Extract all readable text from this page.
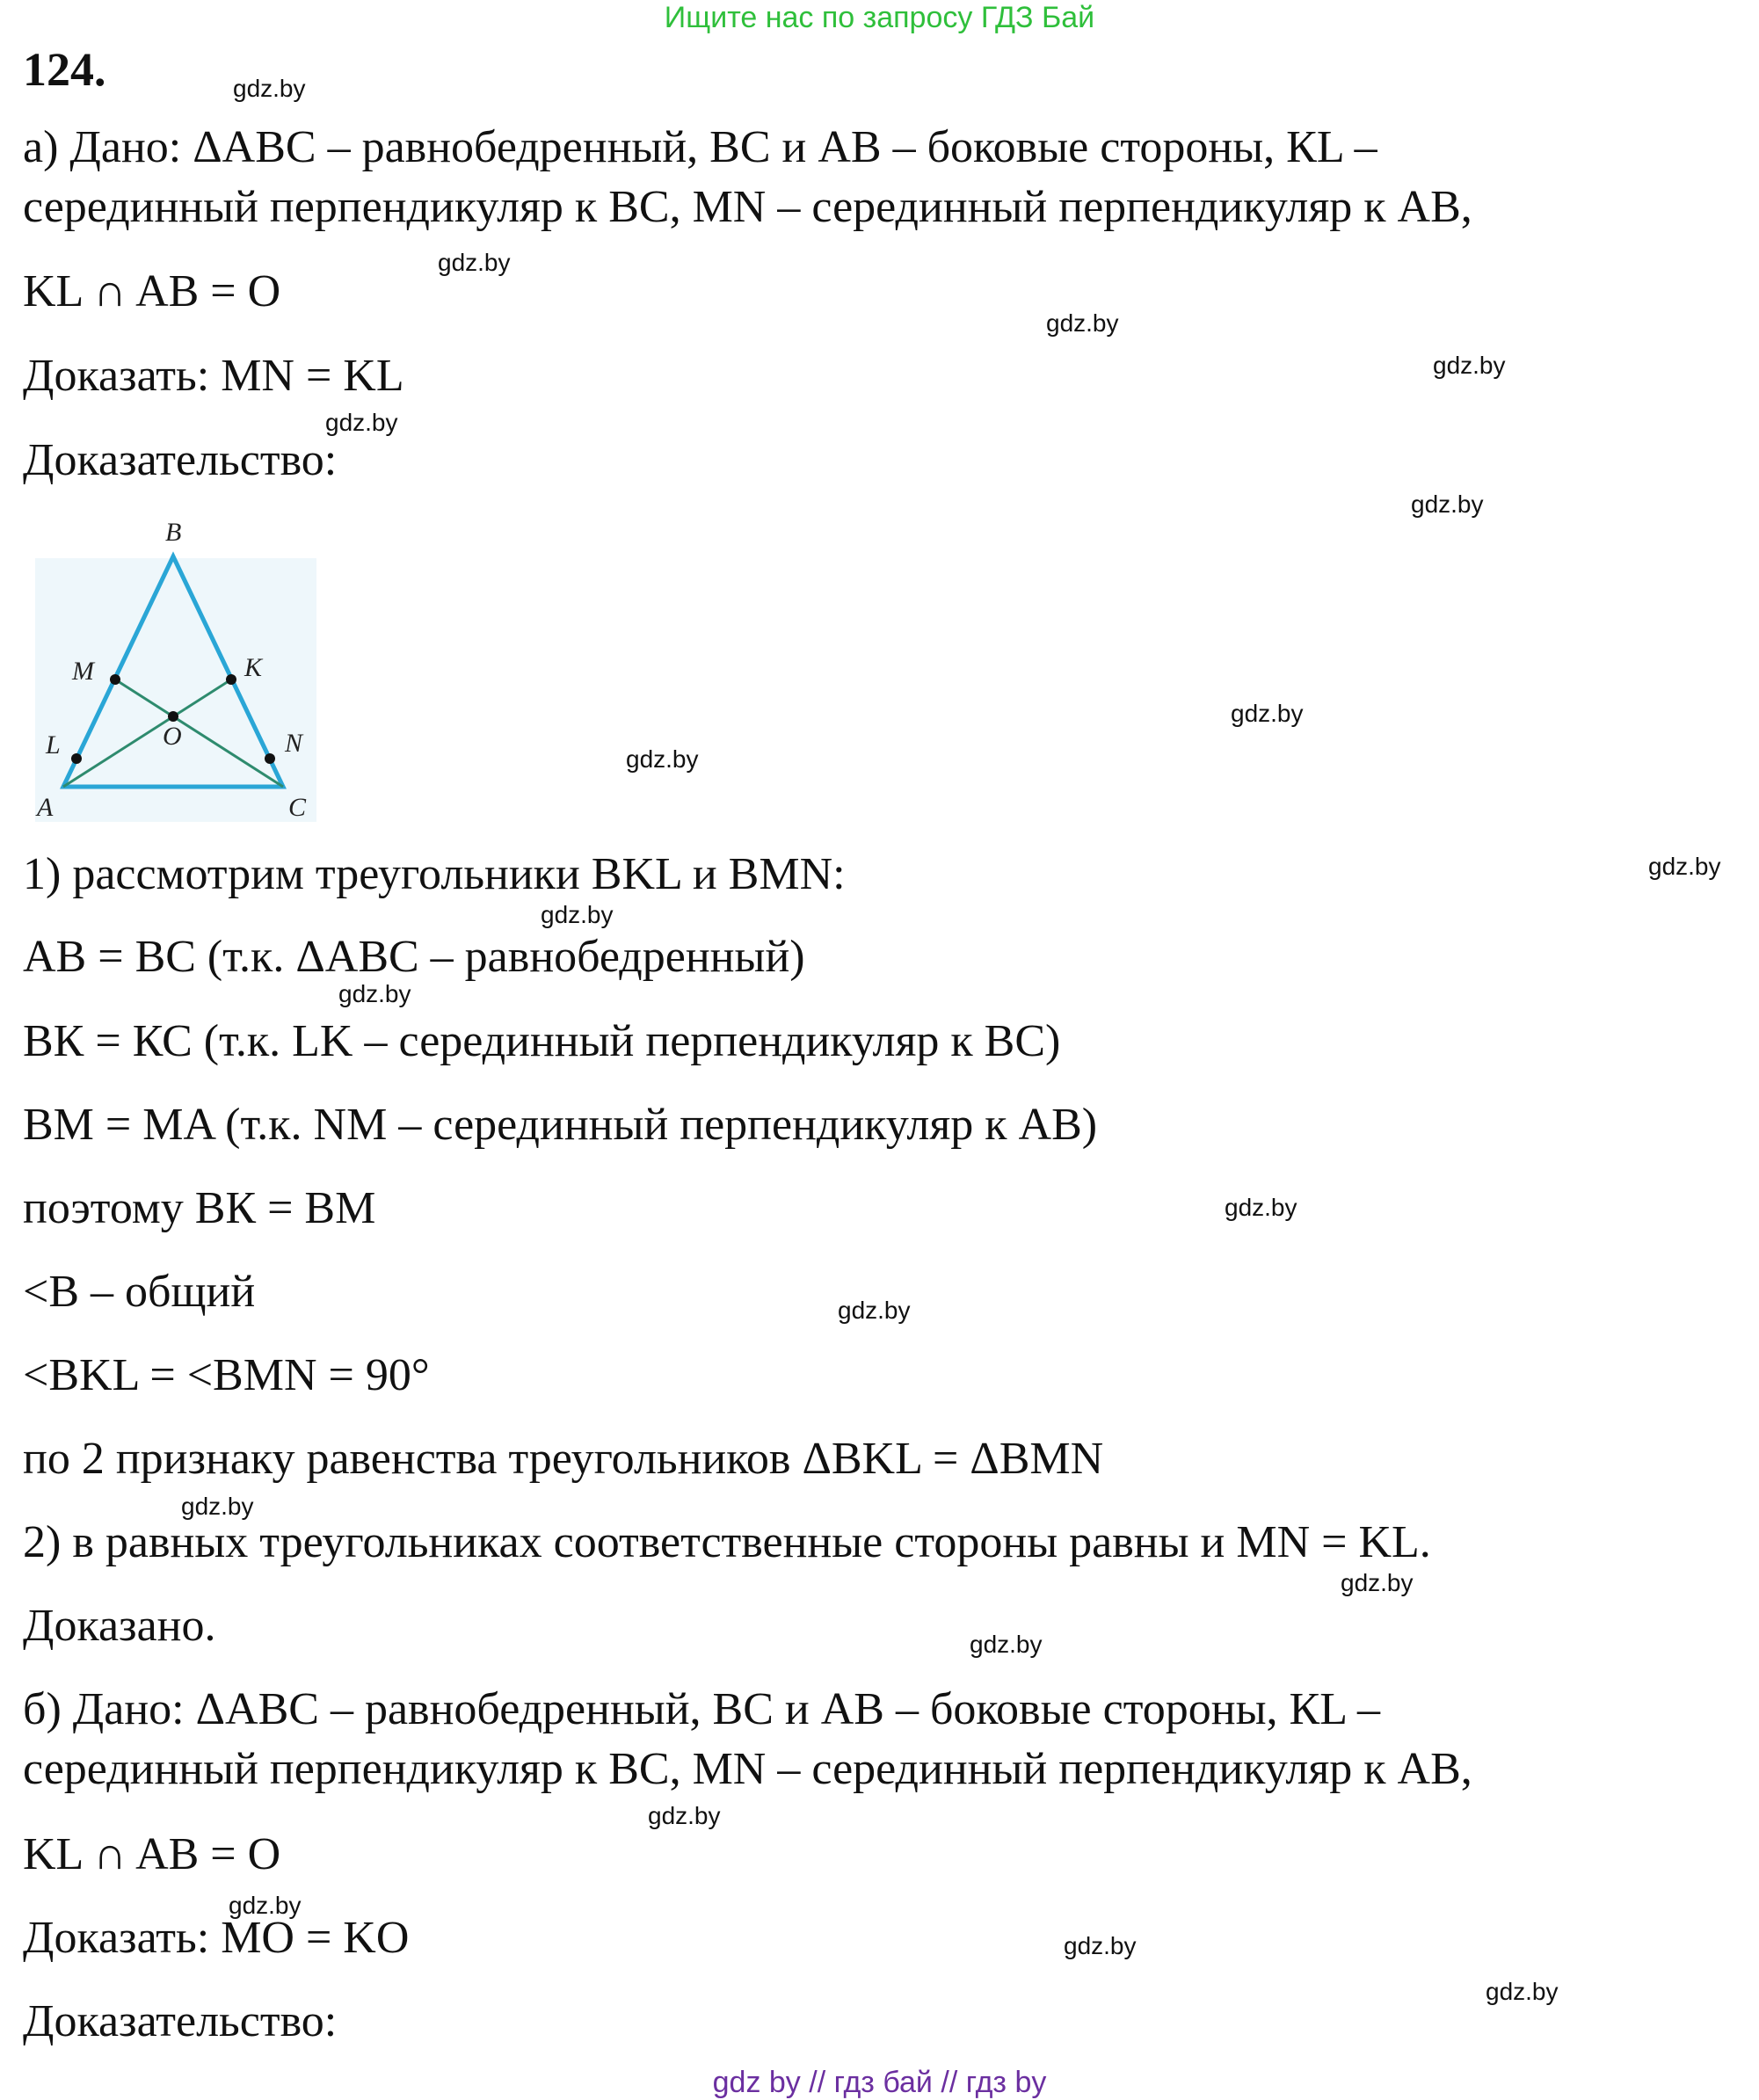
Ищите нас по запросу ГДЗ Бай
124.
а) Дано: ΔABC – равнобедренный, BC и AB – боковые стороны, КL –
серединный перпендикуляр к BC, MN – серединный перпендикуляр к AB,
KL ∩ AB = O
Доказать: MN = KL
Доказательство:
B
M	K
O
L	N
A	C
1) рассмотрим треугольники BKL и BMN:
AB = BC (т.к. ΔABC – равнобедренный)
BК = КС (т.к. LK – серединный перпендикуляр к BC)
BM = MA (т.к. NM – серединный перпендикуляр к AB)
поэтому BК = BM
<B – общий
<BKL = <BMN = 90°
по 2 признаку равенства треугольников ΔBKL = ΔBMN
2) в равных треугольниках соответственные стороны равны и MN = KL.
Доказано.
б) Дано: ΔABC – равнобедренный, BC и AB – боковые стороны, КL –
серединный перпендикуляр к BC, MN – серединный перпендикуляр к AB,
KL ∩ AB = O
Доказать: MO = KO
Доказательство:
gdz.by
gdz.by
gdz.by
gdz.by
gdz.by
gdz.by
gdz.by
gdz.by
gdz.by
gdz.by
gdz.by
gdz.by
gdz.by
gdz.by
gdz.by
gdz.by
gdz.by
gdz.by
gdz.by
gdz.by
gdz by // гдз бай // гдз by
